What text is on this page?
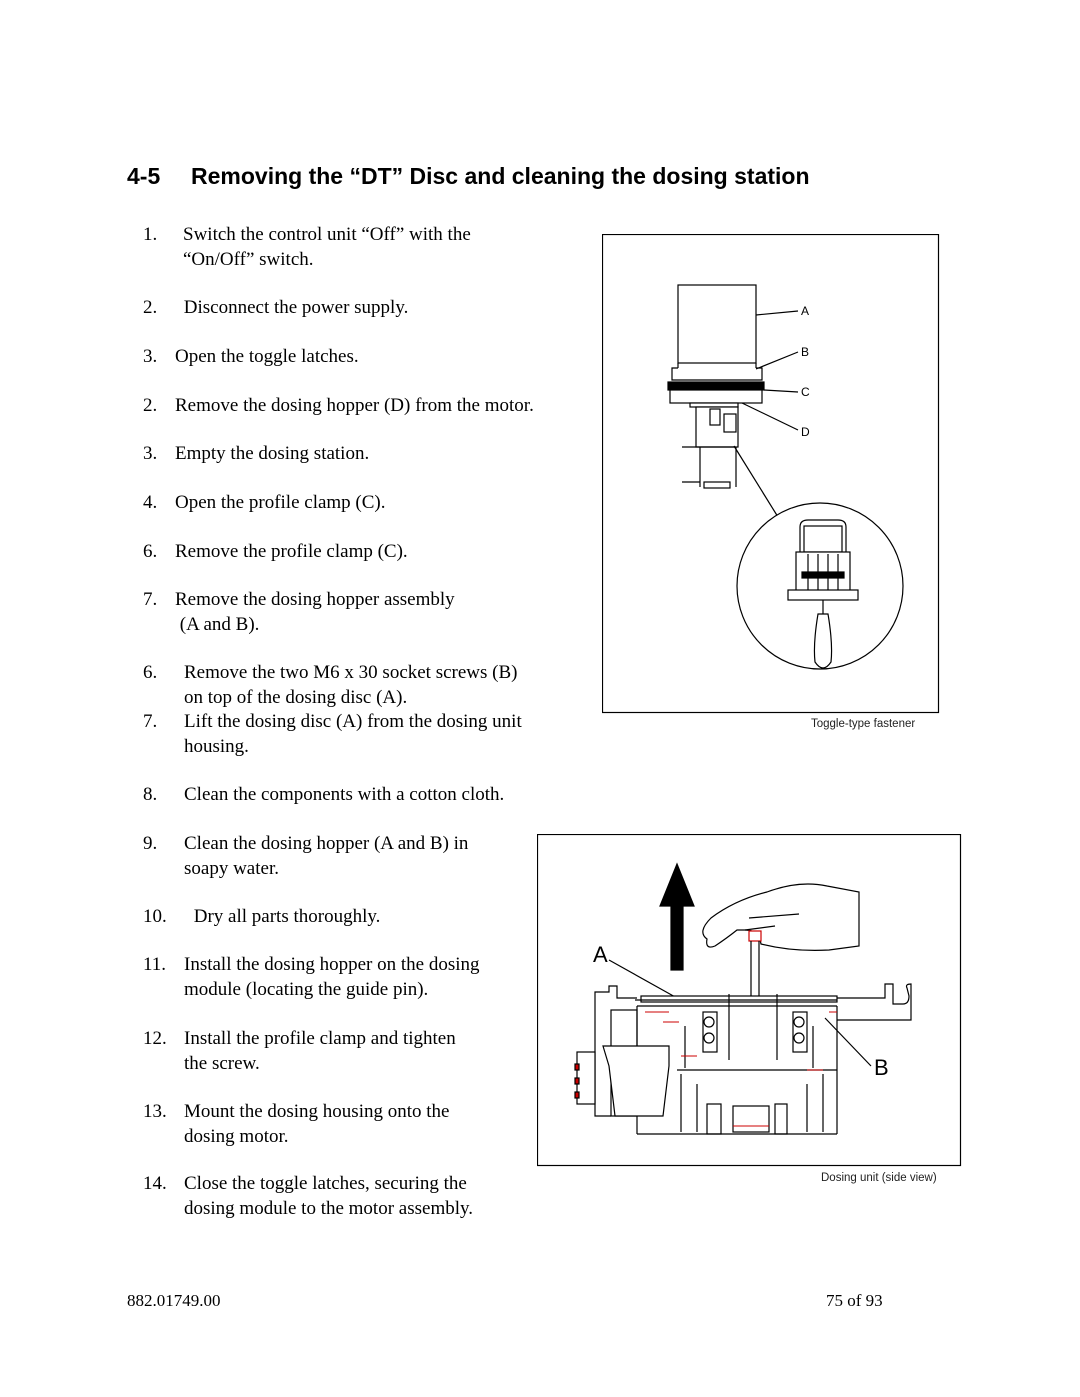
4-5 Removing the “DT” Disc and cleaning the dosing station
1. Switch the control unit “Off” with the
“On/Off” switch.
2. Disconnect the power supply.
3. Open the toggle latches.
2. Remove the dosing hopper (D) from the motor.
3. Empty the dosing station.
4. Open the profile clamp (C).
6. Remove the profile clamp (C).
7. Remove the dosing hopper assembly
(A and B).
6. Remove the two M6 x 30 socket screws (B)
on top of the dosing disc (A).
7. Lift the dosing disc (A) from the dosing unit
housing.
8. Clean the components with a cotton cloth.
9. Clean the dosing hopper (A and B) in
soapy water.
10. Dry all parts thoroughly.
11. Install the dosing hopper on the dosing
module (locating the guide pin).
12. Install the profile clamp and tighten
the screw.
13. Mount the dosing housing onto the
dosing motor.
14. Close the toggle latches, securing the
dosing module to the motor assembly.
A
B
C
D
Toggle-type fastener
A
B
Dosing unit (side view)
882.01749.00	75 of 93
